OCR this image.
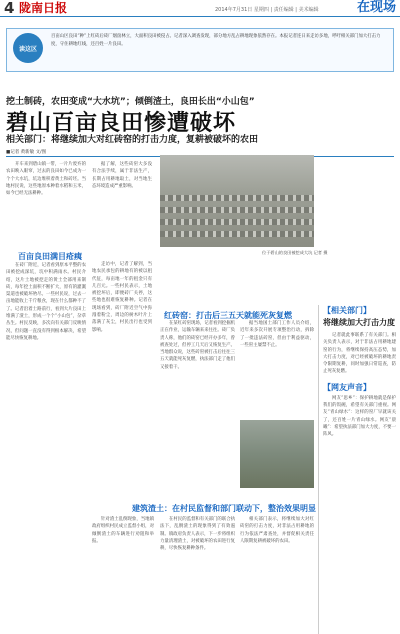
4 陇南日报	2014年7月31日 星期四 | 责任编辑 | 美术编辑	在现场
读这区
百亩山区良田“种”上红砖后砖厂烟囱林立，大面积良田被侵占。记者深入调查发现，部分地方乱占耕地现象依然存在。本报记者连日来走访多地，呼吁相关部门加大打击力度，守住耕地红线，还百姓一片良田。
挖土制砖，农田变成“大水坑”；倾倒渣土，良田长出“小山包”
碧山百亩良田惨遭破坏
相关部门：将继续加大对红砖窑的打击力度，复耕被破坏的农田
■记者 黄新敏 文/图

开车来到碧山镇一带，一片片废弃的农田映入眼帘，过去的良田如今已成为一个个大水坑，坑边堆积着黄土和砖坯。当地村民说，这些地原本种着水稻和玉米，如今已经无法耕种。

据了解，这些砖窑大多没有合法手续，属于非法生产，长期占用耕地取土，对当地生态环境造成严重影响。

位于碧山的良田被挖成大坑 记者 摄
百亩良田满目疮痍

在砖厂附近，记者看到原本平整的农田被挖成深坑，坑中积满雨水。村民介绍，这片土地被挖走的黄土全部用来制砖，每年挖土面积不断扩大，原有的灌溉渠道也被破坏殆尽。一些村民说，过去一亩地能收上千斤粮食，现在什么都种不了了。记者沿着土路前行，看到大片良田上堆满了渣土，形成一个个“小山包”，杂草丛生。村民反映，多次向有关部门反映情况，但问题一直没有得到根本解决，希望能尽快恢复耕地。

走访中，记者了解到，当地农民承包的耕地有的被以租代征，每亩地一年的租金只有几百元。一些村民表示，土地被挖坏后，即便砖厂关停，这些地也很难恢复耕种。记者在现场看到，砖厂附近空气中弥漫着粉尘，周边的树木叶片上落满了灰尘，村民出行也受到影响。

红砖窑：打击后三五天就能死灰复燃

在某红砖窑现场，记者看到挖掘机正在作业，运输车辆来来往往。砖厂负责人称，他们的砖窑已经开办多年，曾被查处过，但停工几天后又恢复生产。当地群众说，这些砖窑被打击后往往三五天就能死灰复燃，执法部门走了他们又接着干。

据当地国土部门工作人员介绍，近年来多次开展专项整治行动，拆除了一批违法砖窑，但由于利益驱动，一些窑主屡禁不止。

建筑渣土：在村民监督和部门联动下，整治效果明显

针对渣土乱倒现象，当地镇政府组织村民成立监督小组，对倾倒渣土的车辆进行劝阻和举报。

在村民的监督和有关部门的联合执法下，乱倒渣土的现象得到了有效遏制。镇政府负责人表示，下一步将组织力量清理渣土，对被破坏的农田进行复耕，尽快恢复耕种条件。

相关部门表示，将继续加大对红砖窑的打击力度，对非法占用耕地的行为依法严肃查处，并督促相关责任人限期复耕被破坏的农田。

【相关部门】
将继续加大打击力度

记者就此事联系了有关部门。相关负责人表示，对于非法占用耕地建窑的行为，将继续保持高压态势，加大打击力度，对已经被破坏的耕地责令限期复耕，同时加强日常巡查，防止死灰复燃。

【网友声音】

网友“思乡”：保护耕地就是保护我们的饭碗，希望有关部门重视。网友“青山绿水”：这样的窑厂早就该关了，还百姓一片青山绿水。网友“晨曦”：希望执法部门加大力度，不要一阵风。
